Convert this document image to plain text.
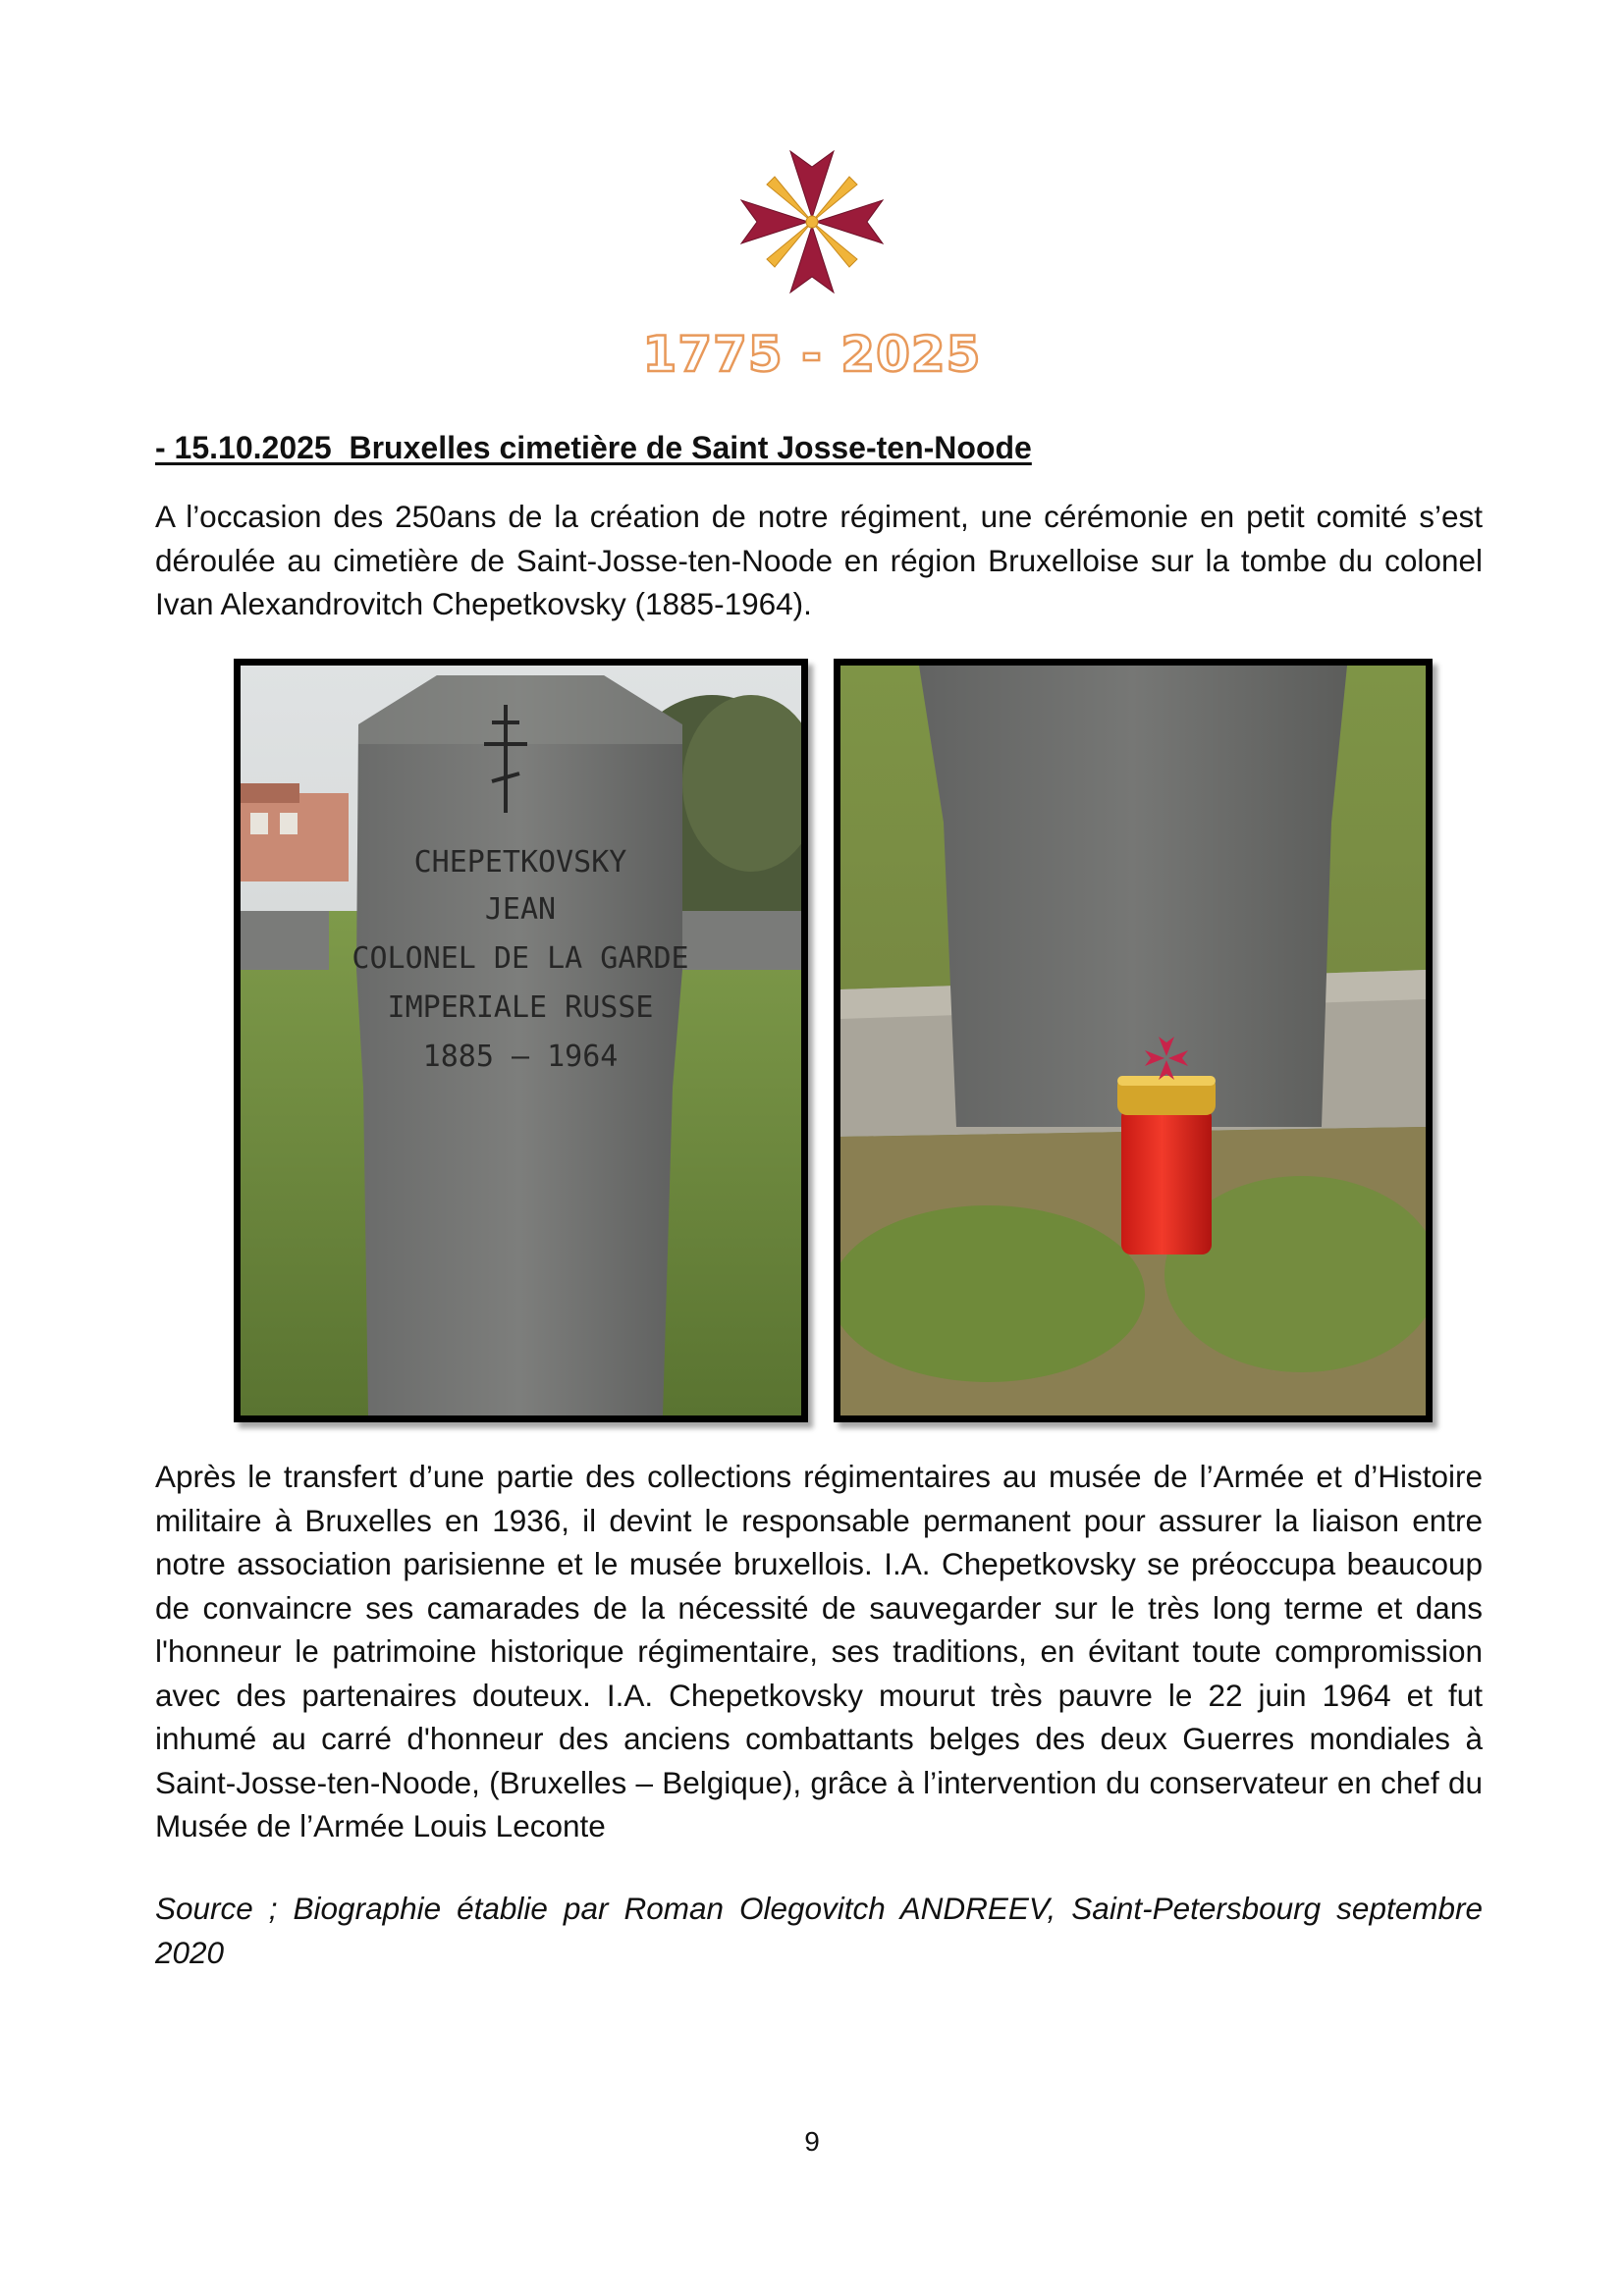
1775 - 2025
- 15.10.2025  Bruxelles cimetière de Saint Josse-ten-Noode

A l’occasion des 250ans de la création de notre régiment, une cérémonie en petit comité s’est déroulée au cimetière de Saint-Josse-ten-Noode en région Bruxelloise sur la tombe du colonel Ivan Alexandrovitch Chepetkovsky (1885-1964).

CHEPETKOVSKY
JEAN
COLONEL DE LA GARDE
IMPERIALE RUSSE
1885 — 1964

Après le transfert d’une partie des collections régimentaires au musée de l’Armée et d’Histoire militaire à Bruxelles en 1936, il devint le responsable permanent pour assurer la liaison entre notre association parisienne et le musée bruxellois. I.A. Chepetkovsky se préoccupa beaucoup de convaincre ses camarades de la nécessité de sauvegarder sur le très long terme et dans l'honneur le patrimoine historique régimentaire, ses traditions, en évitant toute compromission avec des partenaires douteux. I.A. Chepetkovsky mourut très pauvre le 22 juin 1964 et fut inhumé au carré d'honneur des anciens combattants belges des deux Guerres mondiales à Saint-Josse-ten-Noode, (Bruxelles – Belgique), grâce à l’intervention du conservateur en chef du Musée de l’Armée Louis Leconte

Source ; Biographie établie par Roman Olegovitch ANDREEV, Saint-Petersbourg septembre 2020

9
